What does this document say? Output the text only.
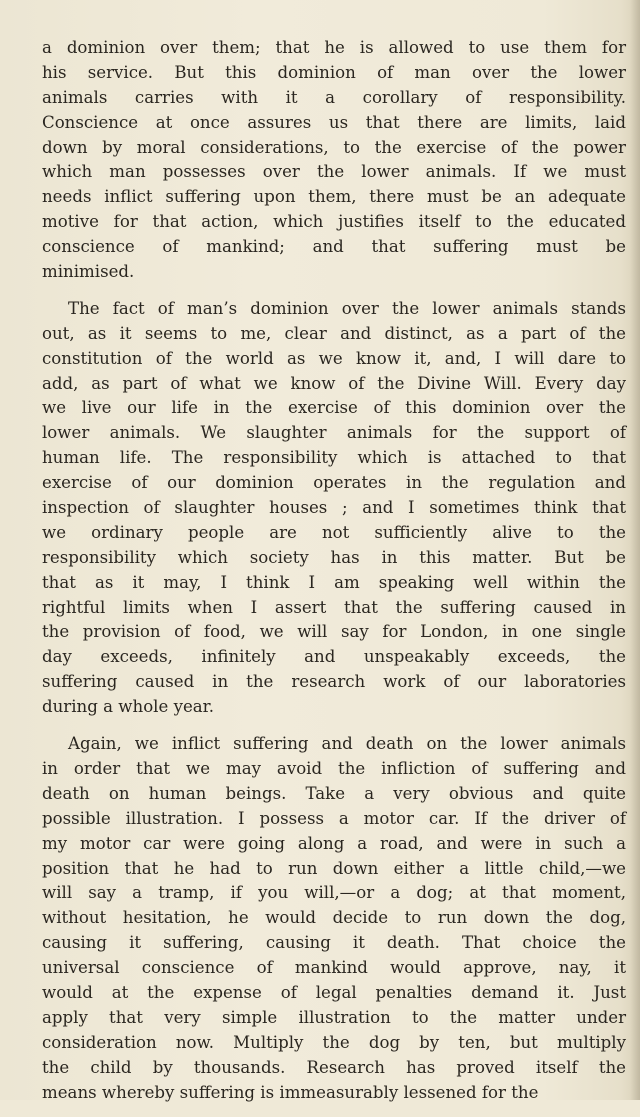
a dominion over them; that he is allowed to use them for
his service. But this dominion of man over the lower
animals carries with it a corollary of responsibility.
Conscience at once assures us that there are limits, laid
down by moral considerations, to the exercise of the power
which man possesses over the lower animals. If we must
needs inflict suffering upon them, there must be an adequate
motive for that action, which justifies itself to the educated
conscience of mankind; and that suffering must be
minimised.
The fact of man’s dominion over the lower animals stands
out, as it seems to me, clear and distinct, as a part of the
constitution of the world as we know it, and, I will dare to
add, as part of what we know of the Divine Will. Every day
we live our life in the exercise of this dominion over the
lower animals. We slaughter animals for the support of
human life. The responsibility which is attached to that
exercise of our dominion operates in the regulation and
inspection of slaughter houses ; and I sometimes think that
we ordinary people are not sufficiently alive to the
responsibility which society has in this matter. But be
that as it may, I think I am speaking well within the
rightful limits when I assert that the suffering caused in
the provision of food, we will say for London, in one single
day exceeds, infinitely and unspeakably exceeds, the
suffering caused in the research work of our laboratories
during a whole year.
Again, we inflict suffering and death on the lower animals
in order that we may avoid the infliction of suffering and
death on human beings. Take a very obvious and quite
possible illustration. I possess a motor car. If the driver of
my motor car were going along a road, and were in such a
position that he had to run down either a little child,—we
will say a tramp, if you will,—or a dog; at that moment,
without hesitation, he would decide to run down the dog,
causing it suffering, causing it death. That choice the
universal conscience of mankind would approve, nay, it
would at the expense of legal penalties demand it. Just
apply that very simple illustration to the matter under
consideration now. Multiply the dog by ten, but multiply
the child by thousands. Research has proved itself the
means whereby suffering is immeasurably lessened for the
